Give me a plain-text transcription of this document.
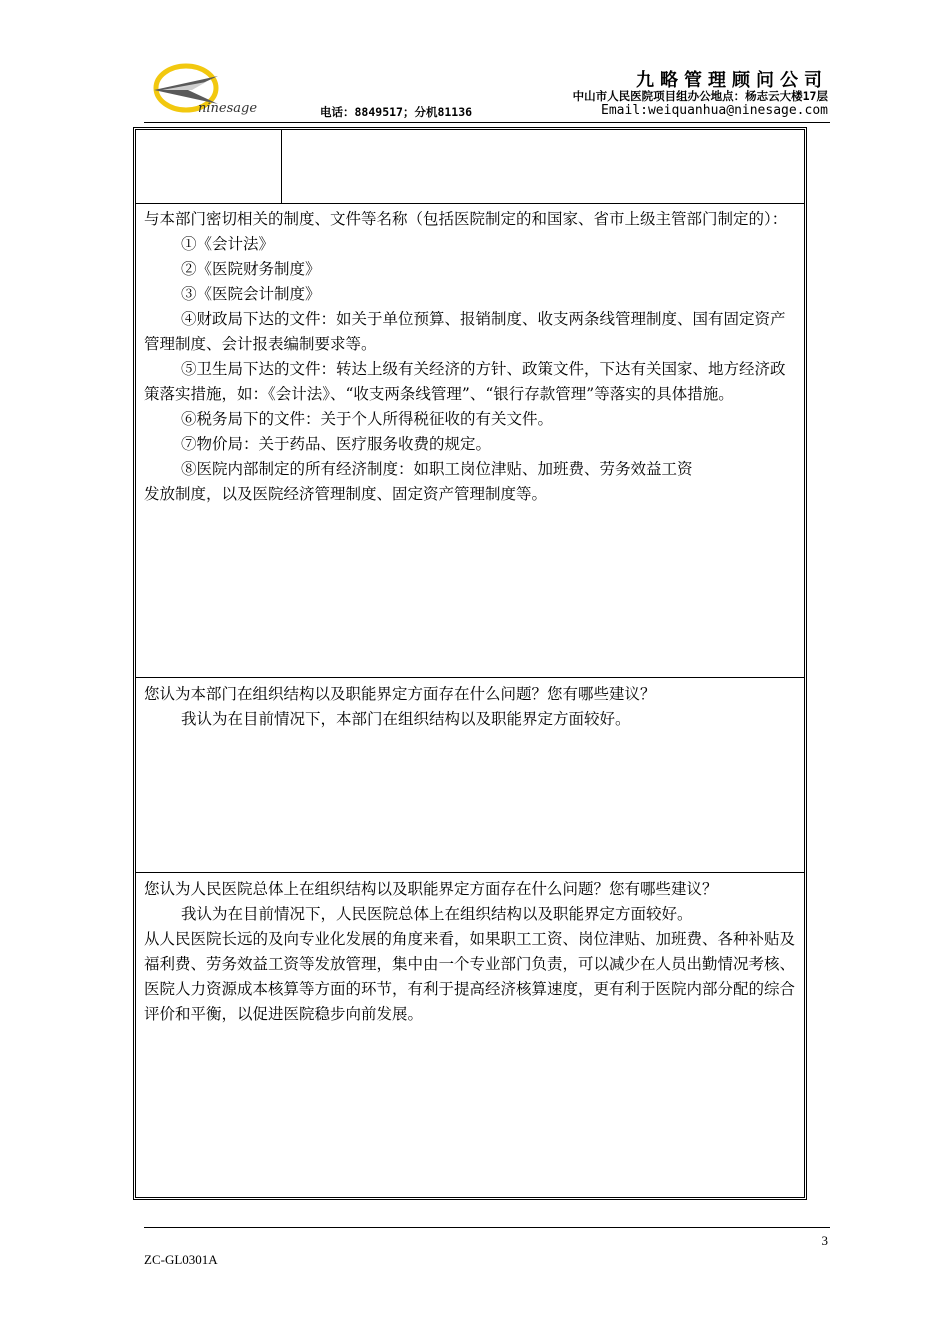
ninesage
九略管理顾问公司
中山市人民医院项目组办公地点：杨志云大楼17层
电话：8849517；分机81136	Email:weiquanhua@ninesage.com

与本部门密切相关的制度、文件等名称（包括医院制定的和国家、省市上级主管部门制定的）：

①《会计法》

②《医院财务制度》

③《医院会计制度》

④财政局下达的文件：如关于单位预算、报销制度、收支两条线管理制度、国有固定资产管理制度、会计报表编制要求等。

⑤卫生局下达的文件：转达上级有关经济的方针、政策文件，下达有关国家、地方经济政策落实措施，如：《会计法》、“收支两条线管理”、“银行存款管理”等落实的具体措施。

⑥税务局下的文件：关于个人所得税征收的有关文件。

⑦物价局：关于药品、医疗服务收费的规定。

⑧医院内部制定的所有经济制度：如职工岗位津贴、加班费、劳务效益工资

发放制度，以及医院经济管理制度、固定资产管理制度等。

您认为本部门在组织结构以及职能界定方面存在什么问题？您有哪些建议？

我认为在目前情况下，本部门在组织结构以及职能界定方面较好。

您认为人民医院总体上在组织结构以及职能界定方面存在什么问题？您有哪些建议？

我认为在目前情况下，人民医院总体上在组织结构以及职能界定方面较好。

从人民医院长远的及向专业化发展的角度来看，如果职工工资、岗位津贴、加班费、各种补贴及福利费、劳务效益工资等发放管理，集中由一个专业部门负责，可以减少在人员出勤情况考核、医院人力资源成本核算等方面的环节，有利于提高经济核算速度，更有利于医院内部分配的综合评价和平衡，以促进医院稳步向前发展。

3
ZC-GL0301A
